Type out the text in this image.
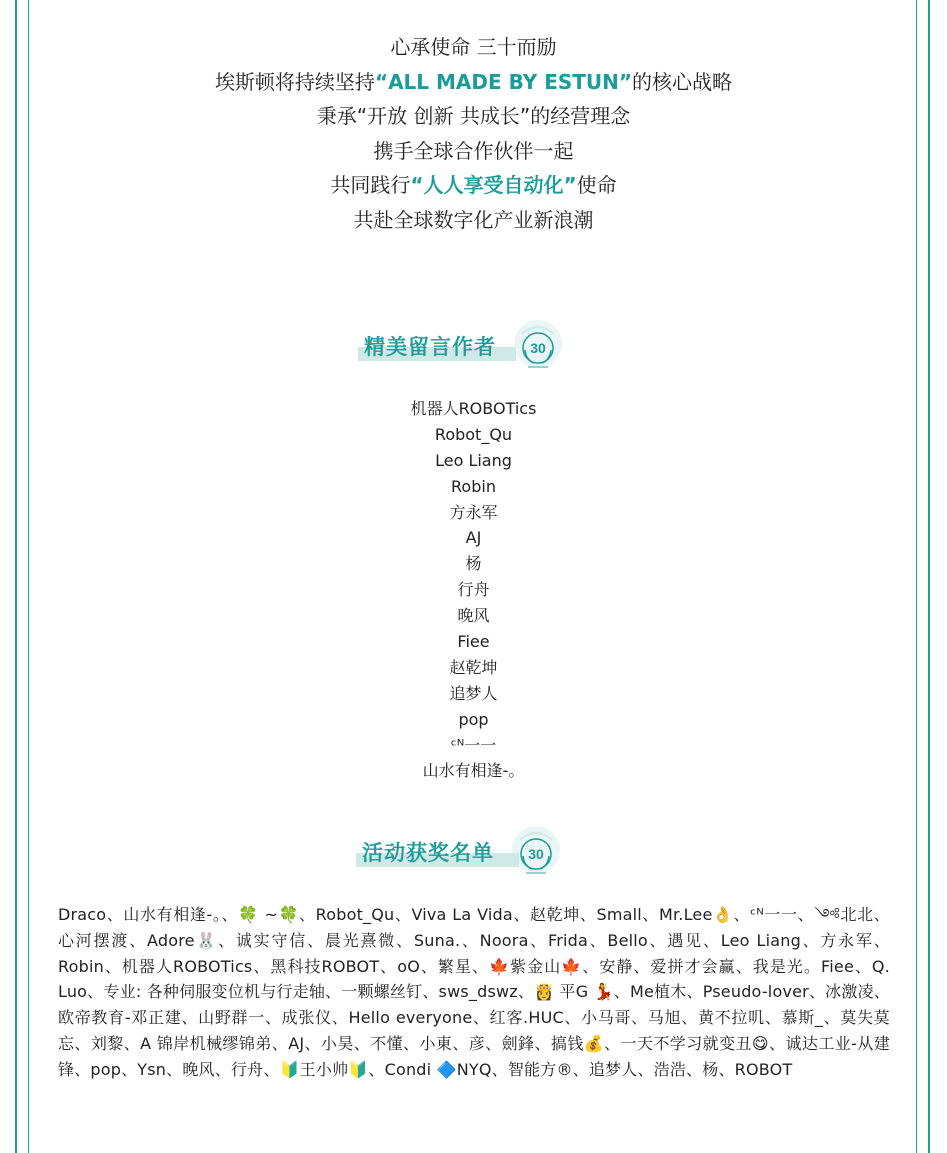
心承使命 三十而励
埃斯顿将持续坚持“ALL MADE BY ESTUN”的核心战略
秉承“开放 创新 共成长”的经营理念
携手全球合作伙伴一起
共同践行“人人享受自动化”使命
共赴全球数字化产业新浪潮
精美留言作者	30
机器人ROBOTics
Robot_Qu
Leo Liang
Robin
方永军
AJ
杨
行舟
晚风
Fiee
赵乾坤
追梦人
pop
ᶜᴺ一一
山水有相逢-。
活动获奖名单	30
Draco、山水有相逢-。、🍀 ~🍀、Robot_Qu、Viva La Vida、赵乾坤、Small、Mr.Lee👌、ᶜᴺ一一、༺北北、心河摆渡、Adore🐰、诚实守信、晨光熹微、Suna.、Noora、Frida、Bello、遇见、Leo Liang、方永军、Robin、机器人ROBOTics、黑科技ROBOT、oO、繁星、🍁紫金山🍁、安静、爱拼才会赢、我是光。Fiee、Q. Luo、专业: 各种伺服变位机与行走轴、一颗螺丝钉、sws_dswz、👸 平G 💃、Me植木、Pseudo-lover、冰激凌、欧帝教育-邓正建、山野群一、成张仪、Hello everyone、红客.HUC、小马哥、马旭、黄不拉叽、慕斯_、莫失莫忘、刘黎、A 锦岸机械缪锦弟、AJ、小昊、不懂、小東、彦、劍鋒、搞钱💰、一天不学习就变丑😋、诚达工业-从建锋、pop、Ysn、晚风、行舟、🔰王小帅🔰、Condi 🔷NYQ、智能方®、追梦人、浩浩、杨、ROBOT
